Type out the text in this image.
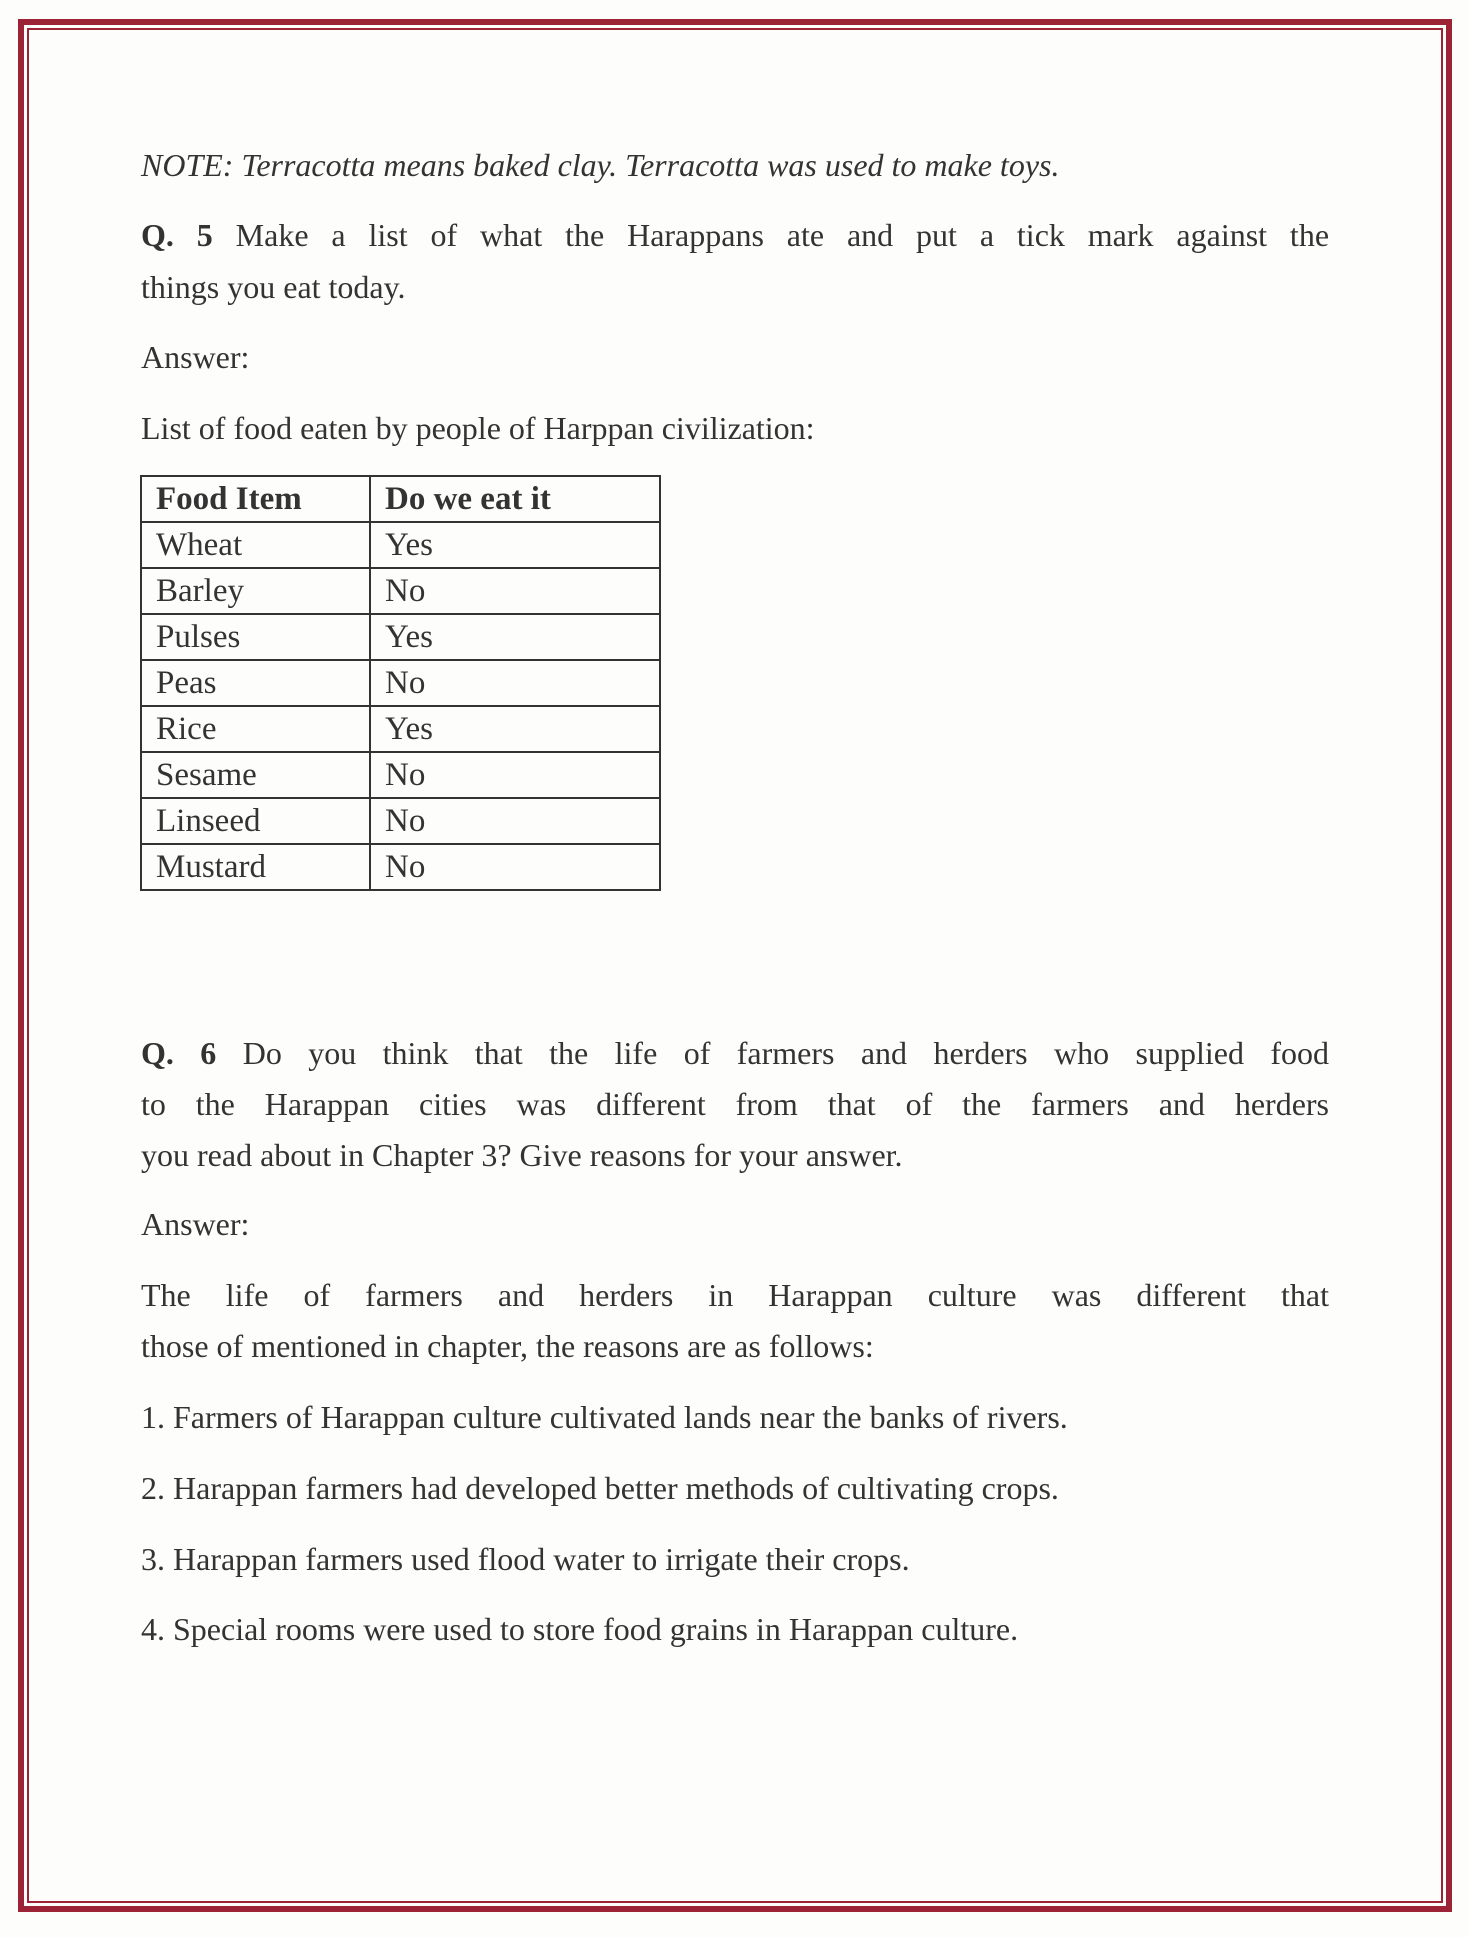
NOTE: Terracotta means baked clay. Terracotta was used to make toys.
Q. 5 Make a list of what the Harappans ate and put a tick mark against the
things you eat today.
Answer:
List of food eaten by people of Harppan civilization:
Food Item	Do we eat it
Wheat	Yes
Barley	No
Pulses	Yes
Peas	No
Rice	Yes
Sesame	No
Linseed	No
Mustard	No
Q. 6 Do you think that the life of farmers and herders who supplied food
to the Harappan cities was different from that of the farmers and herders
you read about in Chapter 3? Give reasons for your answer.
Answer:
The life of farmers and herders in Harappan culture was different that
those of mentioned in chapter, the reasons are as follows:
1. Farmers of Harappan culture cultivated lands near the banks of rivers.
2. Harappan farmers had developed better methods of cultivating crops.
3. Harappan farmers used flood water to irrigate their crops.
4. Special rooms were used to store food grains in Harappan culture.
